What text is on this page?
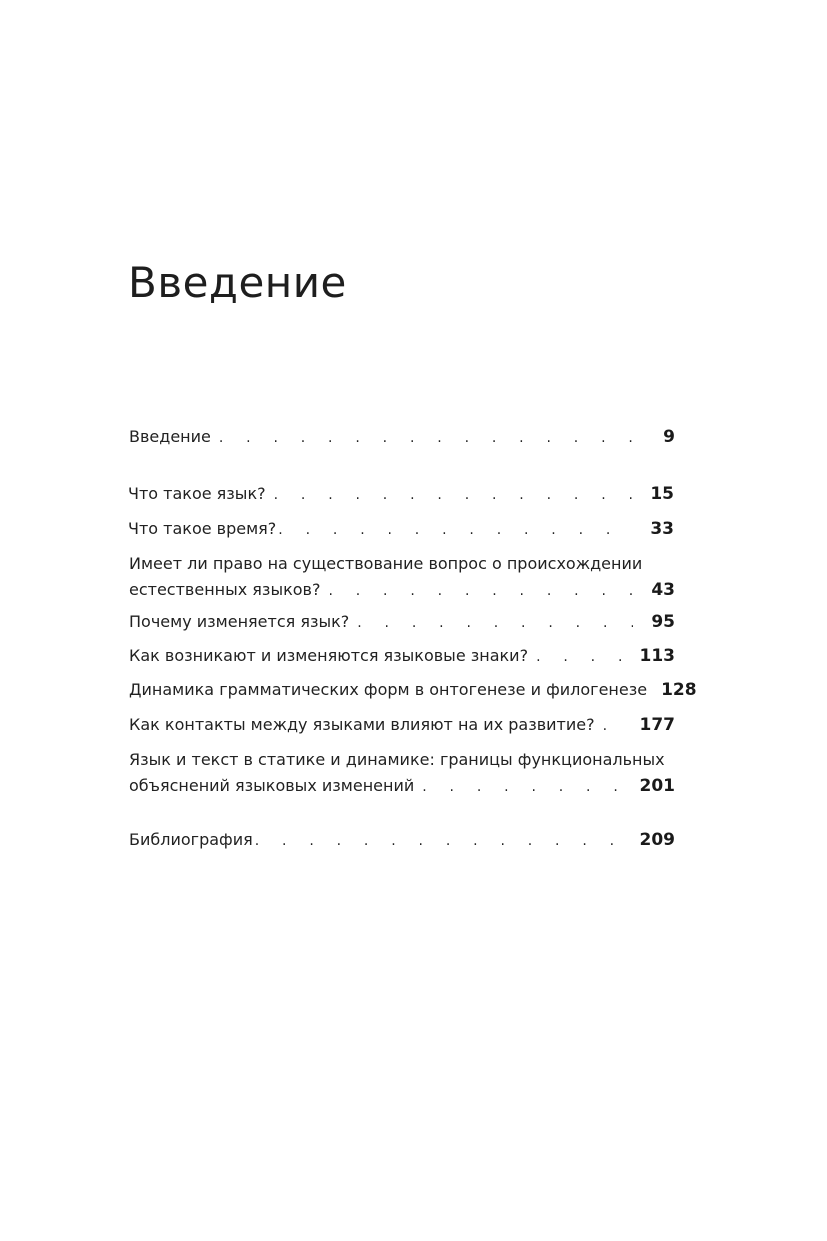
Введение
Введение . . .	9
Что такое язык? . . .	15
Что такое время? . . .	33
Имеет ли право на существование вопрос о происхождении
естественных языков? . . .	43
Почему изменяется язык? . . .	95
Как возникают и изменяются языковые знаки? . . .	113
Динамика грамматических форм в онтогенезе и филогенезе 128
Как контакты между языками влияют на их развитие? . . .	177
Язык и текст в статике и динамике: границы функциональных
объяснений языковых изменений . . .	201
Библиография . . .	209
